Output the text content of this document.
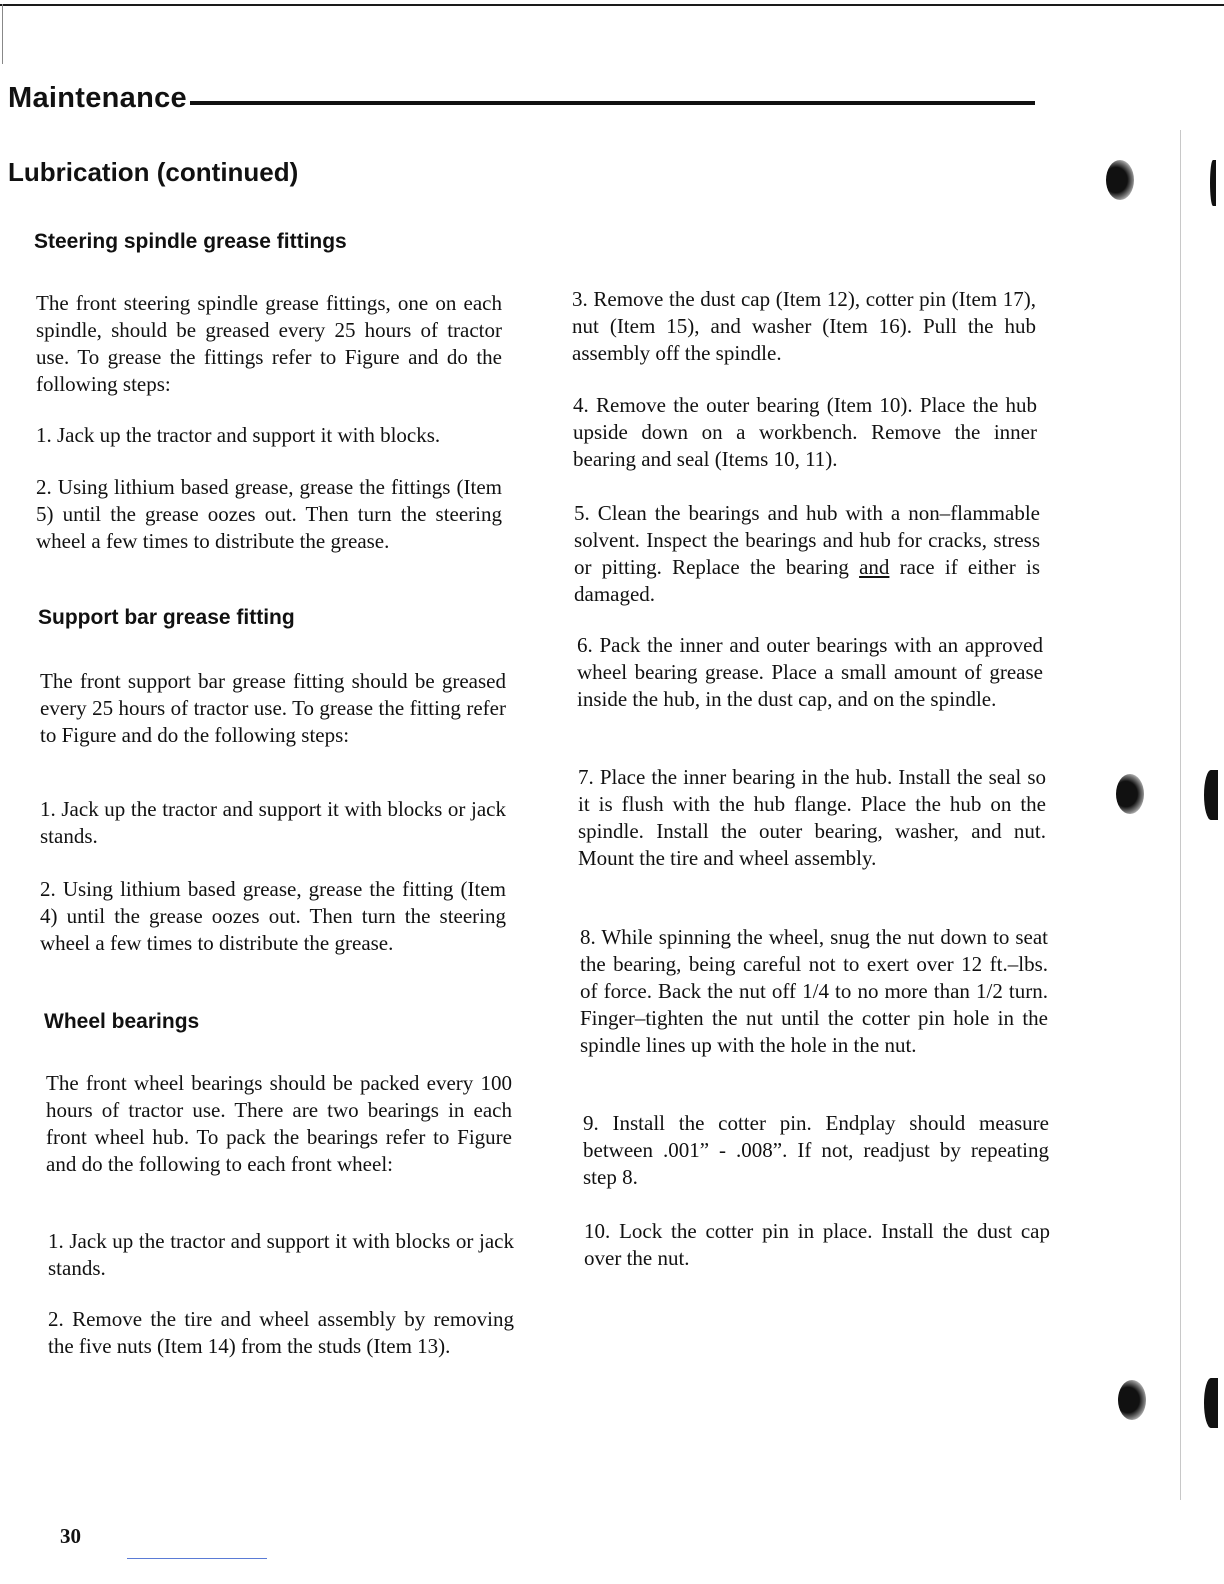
Maintenance
Lubrication (continued)
Steering spindle grease fittings

The front steering spindle grease fittings, one on each spindle, should be greased every 25 hours of tractor use. To grease the fittings refer to Figure and do the following steps:

1. Jack up the tractor and support it with blocks.

2. Using lithium based grease, grease the fittings (Item 5) until the grease oozes out. Then turn the steering wheel a few times to distribute the grease.

Support bar grease fitting

The front support bar grease fitting should be greased every 25 hours of tractor use. To grease the fitting refer to Figure and do the following steps:

1. Jack up the tractor and support it with blocks or jack stands.

2. Using lithium based grease, grease the fitting (Item 4) until the grease oozes out. Then turn the steering wheel a few times to distribute the grease.

Wheel bearings

The front wheel bearings should be packed every 100 hours of tractor use. There are two bearings in each front wheel hub. To pack the bearings refer to Figure and do the following to each front wheel:

1. Jack up the tractor and support it with blocks or jack stands.

2. Remove the tire and wheel assembly by removing the five nuts (Item 14) from the studs (Item 13).

3. Remove the dust cap (Item 12), cotter pin (Item 17), nut (Item 15), and washer (Item 16). Pull the hub assembly off the spindle.

4. Remove the outer bearing (Item 10). Place the hub upside down on a workbench. Remove the inner bearing and seal (Items 10, 11).

5. Clean the bearings and hub with a non–flammable solvent. Inspect the bearings and hub for cracks, stress or pitting. Replace the bearing and race if either is damaged.

6. Pack the inner and outer bearings with an approved wheel bearing grease. Place a small amount of grease inside the hub, in the dust cap, and on the spindle.

7. Place the inner bearing in the hub. Install the seal so it is flush with the hub flange. Place the hub on the spindle. Install the outer bearing, washer, and nut. Mount the tire and wheel assembly.

8. While spinning the wheel, snug the nut down to seat the bearing, being careful not to exert over 12 ft.–lbs. of force. Back the nut off 1/4 to no more than 1/2 turn. Finger–tighten the nut until the cotter pin hole in the spindle lines up with the hole in the nut.

9. Install the cotter pin. Endplay should measure between .001” - .008”. If not, readjust by repeating step 8.

10. Lock the cotter pin in place. Install the dust cap over the nut.

30
